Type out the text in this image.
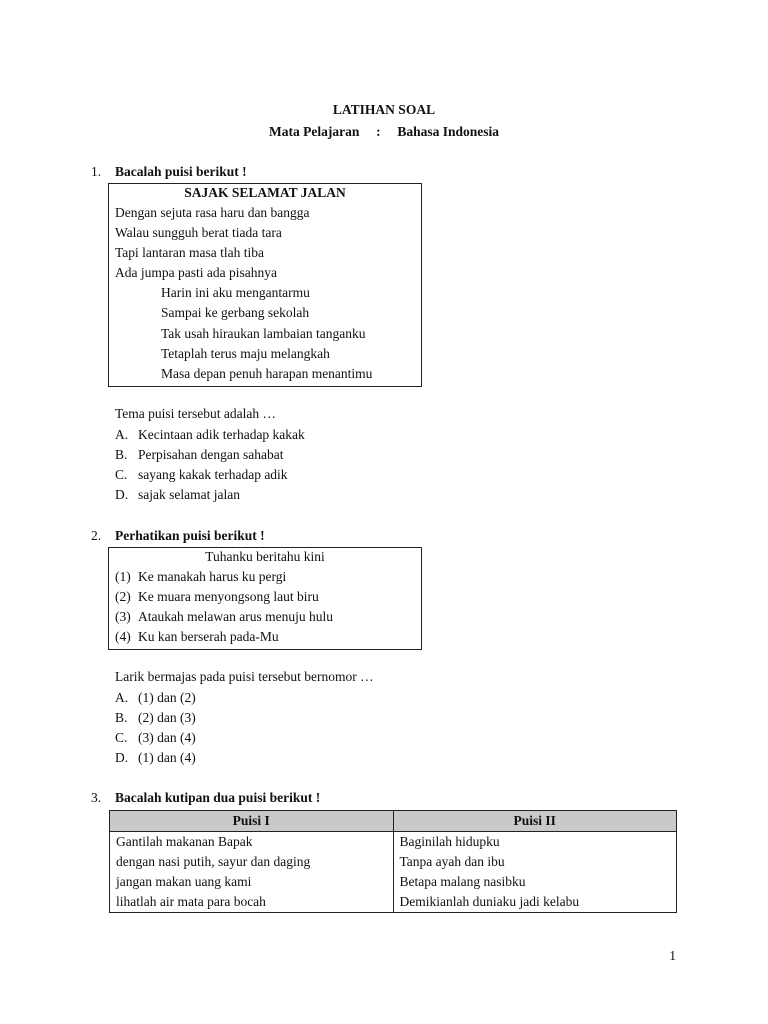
LATIHAN SOAL
Mata Pelajaran : Bahasa Indonesia
1. Bacalah puisi berikut !
SAJAK SELAMAT JALAN
Dengan sejuta rasa haru dan bangga
Walau sungguh berat tiada tara
Tapi lantaran masa tlah tiba
Ada jumpa pasti ada pisahnya
Harin ini aku mengantarmu
Sampai ke gerbang sekolah
Tak usah hiraukan lambaian tanganku
Tetaplah terus maju melangkah
Masa depan penuh harapan menantimu
Tema puisi tersebut adalah …
A. Kecintaan adik terhadap kakak
B. Perpisahan dengan sahabat
C. sayang kakak terhadap adik
D. sajak selamat jalan
2. Perhatikan puisi berikut !
Tuhanku beritahu kini
(1) Ke manakah harus ku pergi
(2) Ke muara menyongsong laut biru
(3) Ataukah melawan arus menuju hulu
(4) Ku kan berserah pada-Mu
Larik bermajas pada puisi tersebut bernomor …
A. (1) dan (2)
B. (2) dan (3)
C. (3) dan (4)
D. (1) dan (4)
3. Bacalah kutipan dua puisi berikut !
Puisi I	Puisi II
Gantilah makanan Bapak	Baginilah hidupku
dengan nasi putih, sayur dan daging	Tanpa ayah dan ibu
jangan makan uang kami	Betapa malang nasibku
lihatlah air mata para bocah	Demikianlah duniaku jadi kelabu
1
